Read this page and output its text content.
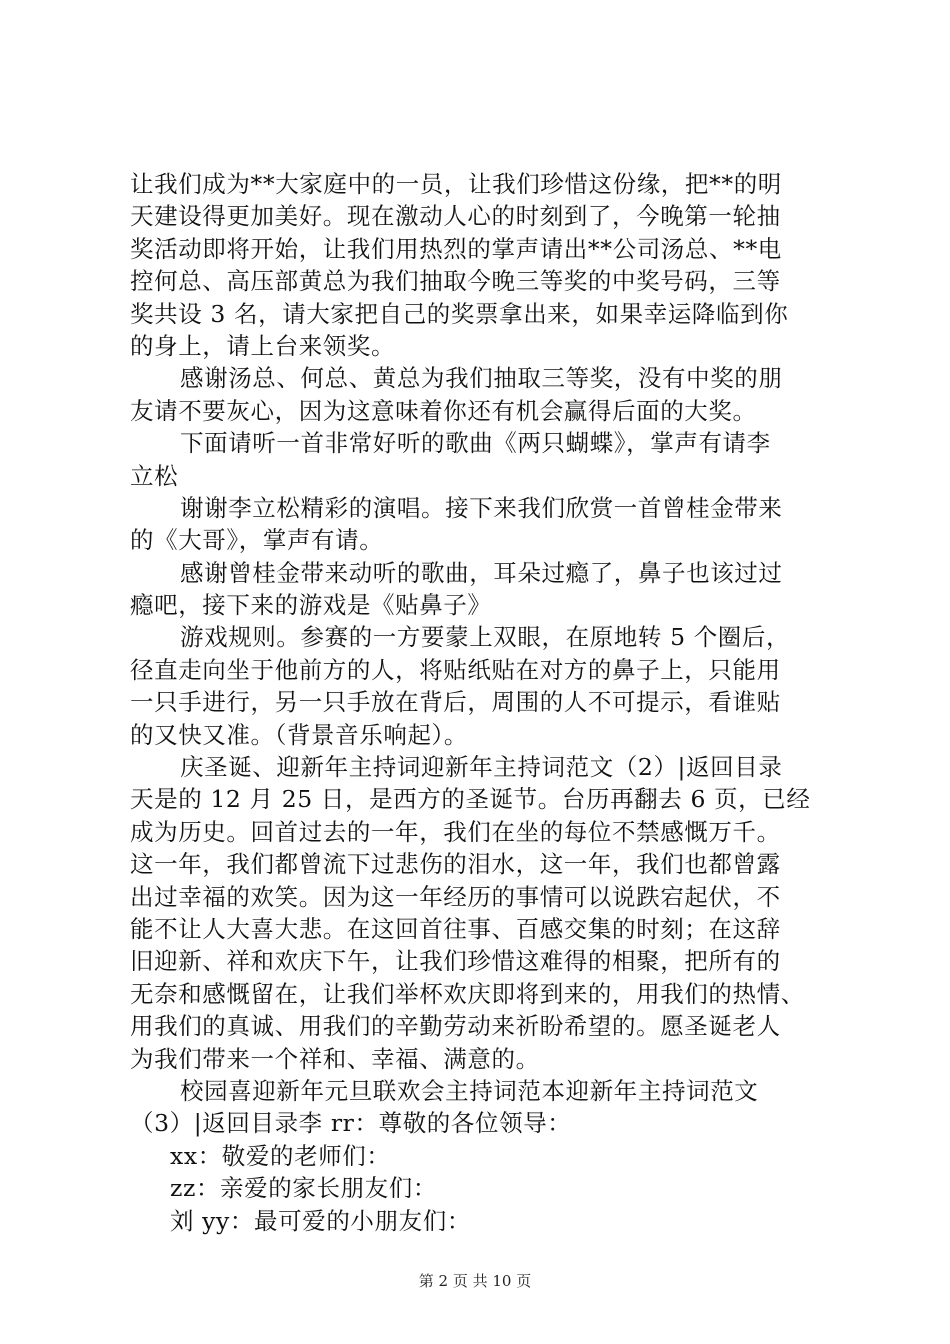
让我们成为**大家庭中的一员，让我们珍惜这份缘，把**的明
天建设得更加美好。现在激动人心的时刻到了，今晚第一轮抽
奖活动即将开始，让我们用热烈的掌声请出**公司汤总、**电
控何总、高压部黄总为我们抽取今晚三等奖的中奖号码，三等
奖共设 3 名，请大家把自己的奖票拿出来，如果幸运降临到你
的身上，请上台来领奖。
感谢汤总、何总、黄总为我们抽取三等奖，没有中奖的朋
友请不要灰心，因为这意味着你还有机会赢得后面的大奖。
下面请听一首非常好听的歌曲《两只蝴蝶》，掌声有请李
立松
谢谢李立松精彩的演唱。接下来我们欣赏一首曾桂金带来
的《大哥》，掌声有请。
感谢曾桂金带来动听的歌曲，耳朵过瘾了，鼻子也该过过
瘾吧，接下来的游戏是《贴鼻子》
游戏规则。参赛的一方要蒙上双眼，在原地转 5 个圈后，
径直走向坐于他前方的人，将贴纸贴在对方的鼻子上，只能用
一只手进行，另一只手放在背后，周围的人不可提示，看谁贴
的又快又准。（背景音乐响起）。
庆圣诞、迎新年主持词迎新年主持词范文（2）|返回目录
天是的 12 月 25 日，是西方的圣诞节。台历再翻去 6 页，已经
成为历史。回首过去的一年，我们在坐的每位不禁感慨万千。
这一年，我们都曾流下过悲伤的泪水，这一年，我们也都曾露
出过幸福的欢笑。因为这一年经历的事情可以说跌宕起伏，不
能不让人大喜大悲。在这回首往事、百感交集的时刻；在这辞
旧迎新、祥和欢庆下午，让我们珍惜这难得的相聚，把所有的
无奈和感慨留在，让我们举杯欢庆即将到来的，用我们的热情、
用我们的真诚、用我们的辛勤劳动来祈盼希望的。愿圣诞老人
为我们带来一个祥和、幸福、满意的。
校园喜迎新年元旦联欢会主持词范本迎新年主持词范文
（3）|返回目录李 rr：尊敬的各位领导：
xx：敬爱的老师们：
zz：亲爱的家长朋友们：
刘 yy：最可爱的小朋友们：
第 2 页 共 10 页
